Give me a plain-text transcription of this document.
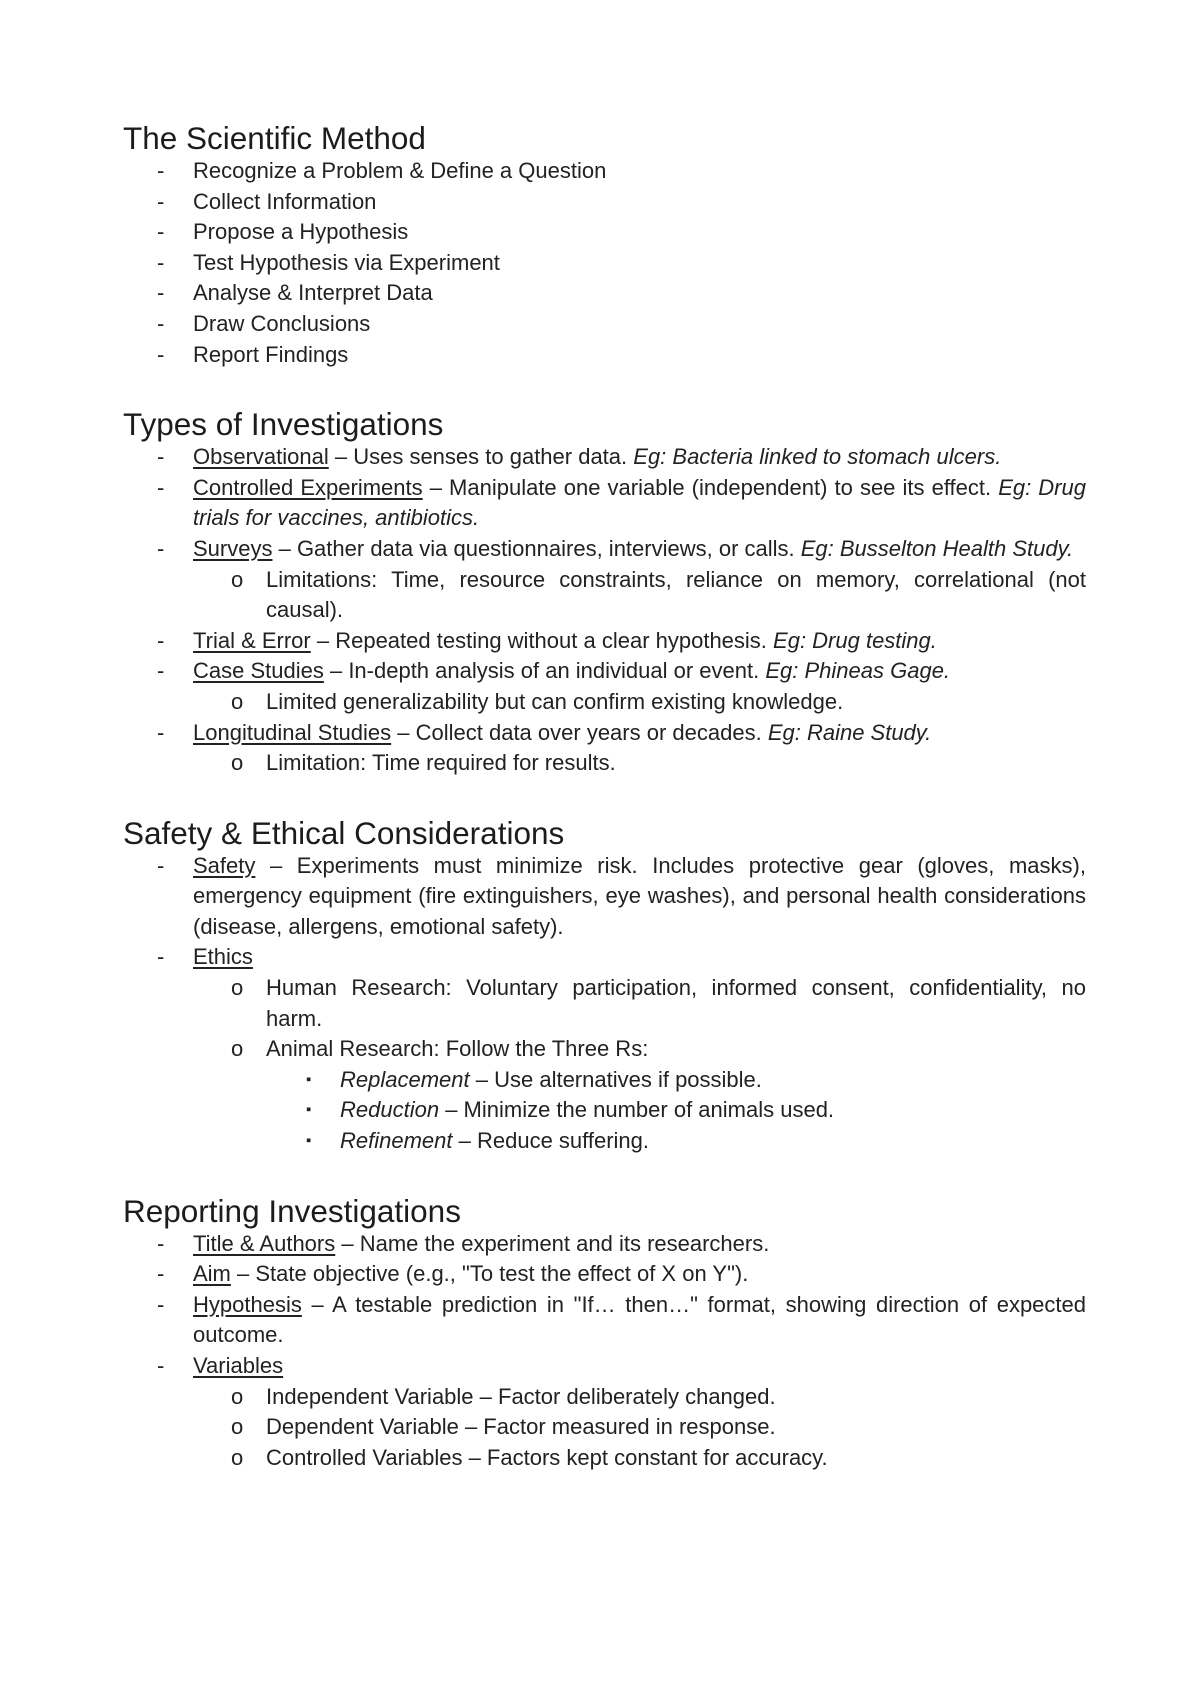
The Scientific Method
- Recognize a Problem & Define a Question
- Collect Information
- Propose a Hypothesis
- Test Hypothesis via Experiment
- Analyse & Interpret Data
- Draw Conclusions
- Report Findings
Types of Investigations
- Observational – Uses senses to gather data. Eg: Bacteria linked to stomach ulcers.
- Controlled Experiments – Manipulate one variable (independent) to see its effect. Eg: Drug trials for vaccines, antibiotics.
- Surveys – Gather data via questionnaires, interviews, or calls. Eg: Busselton Health Study.
o Limitations: Time, resource constraints, reliance on memory, correlational (not causal).
- Trial & Error – Repeated testing without a clear hypothesis. Eg: Drug testing.
- Case Studies – In-depth analysis of an individual or event. Eg: Phineas Gage.
o Limited generalizability but can confirm existing knowledge.
- Longitudinal Studies – Collect data over years or decades. Eg: Raine Study.
o Limitation: Time required for results.
Safety & Ethical Considerations
- Safety – Experiments must minimize risk. Includes protective gear (gloves, masks), emergency equipment (fire extinguishers, eye washes), and personal health considerations (disease, allergens, emotional safety).
- Ethics
o Human Research: Voluntary participation, informed consent, confidentiality, no harm.
o Animal Research: Follow the Three Rs:
▪ Replacement – Use alternatives if possible.
▪ Reduction – Minimize the number of animals used.
▪ Refinement – Reduce suffering.
Reporting Investigations
- Title & Authors – Name the experiment and its researchers.
- Aim – State objective (e.g., "To test the effect of X on Y").
- Hypothesis – A testable prediction in "If… then…" format, showing direction of expected outcome.
- Variables
o Independent Variable – Factor deliberately changed.
o Dependent Variable – Factor measured in response.
o Controlled Variables – Factors kept constant for accuracy.
